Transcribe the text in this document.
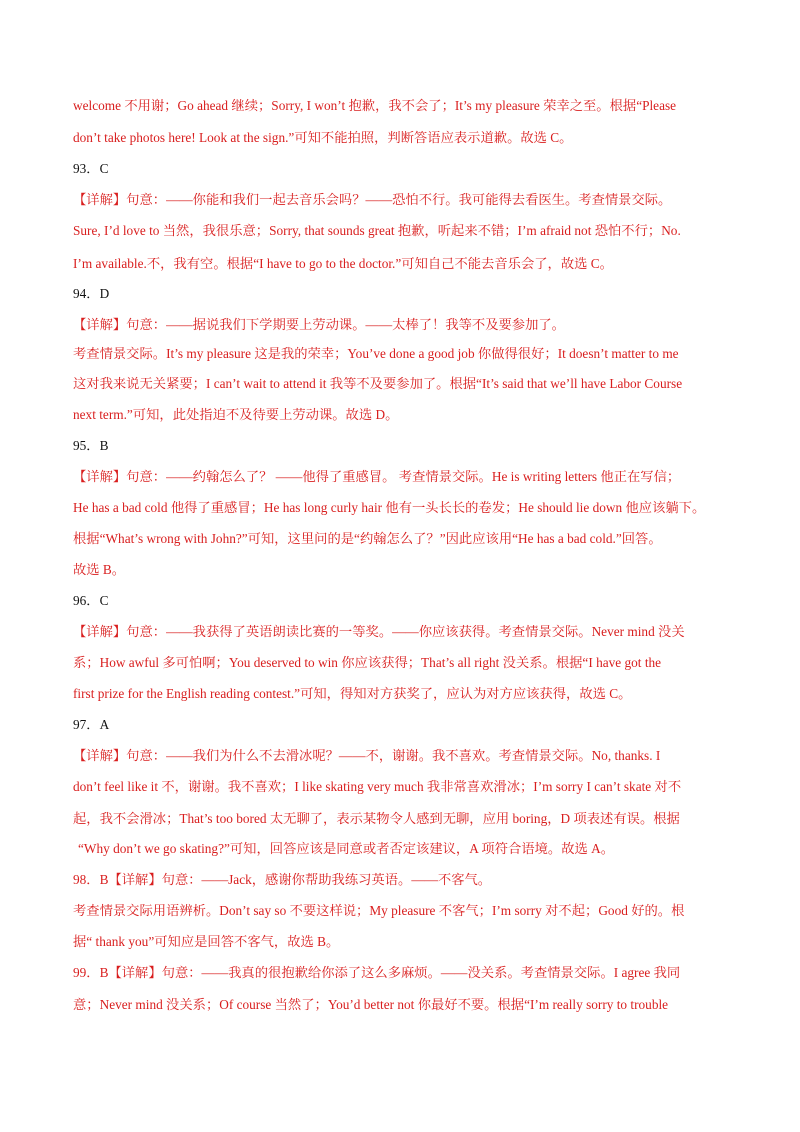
welcome 不用谢；Go ahead 继续；Sorry, I won’t 抱歉，我不会了；It’s my pleasure 荣幸之至。根据“Please
don’t take photos here! Look at the sign.”可知不能拍照，判断答语应表示道歉。故选 C。
93．C
【详解】句意：——你能和我们一起去音乐会吗？——恐怕不行。我可能得去看医生。考查情景交际。
Sure, I’d love to 当然，我很乐意；Sorry, that sounds great 抱歉，听起来不错；I’m afraid not 恐怕不行；No.
I’m available.不，我有空。根据“I have to go to the doctor.”可知自己不能去音乐会了，故选 C。
94．D
【详解】句意：——据说我们下学期要上劳动课。——太棒了！我等不及要参加了。
考查情景交际。It’s my pleasure 这是我的荣幸；You’ve done a good job 你做得很好；It doesn’t matter to me
这对我来说无关紧要；I can’t wait to attend it 我等不及要参加了。根据“It’s said that we’ll have Labor Course
next term.”可知，此处指迫不及待要上劳动课。故选 D。
95．B
【详解】句意：——约翰怎么了？ ——他得了重感冒。 考查情景交际。He is writing letters 他正在写信；
He has a bad cold 他得了重感冒；He has long curly hair 他有一头长长的卷发；He should lie down 他应该躺下。
根据“What’s wrong with John?”可知，这里问的是“约翰怎么了？”因此应该用“He has a bad cold.”回答。
故选 B。
96．C
【详解】句意：——我获得了英语朗读比赛的一等奖。——你应该获得。考查情景交际。Never mind 没关
系；How awful 多可怕啊；You deserved to win 你应该获得；That’s all right 没关系。根据“I have got the
first prize for the English reading contest.”可知，得知对方获奖了，应认为对方应该获得，故选 C。
97．A
【详解】句意：——我们为什么不去滑冰呢？——不，谢谢。我不喜欢。考查情景交际。No, thanks. I
don’t feel like it 不，谢谢。我不喜欢；I like skating very much 我非常喜欢滑冰；I’m sorry I can’t skate 对不
起，我不会滑冰；That’s too bored 太无聊了，表示某物令人感到无聊，应用 boring，D 项表述有误。根据
“Why don’t we go skating?”可知，回答应该是同意或者否定该建议，A 项符合语境。故选 A。
98．B【详解】句意：——Jack，感谢你帮助我练习英语。——不客气。
考查情景交际用语辨析。Don’t say so 不要这样说；My pleasure 不客气；I’m sorry 对不起；Good 好的。根
据“ thank you”可知应是回答不客气，故选 B。
99．B【详解】句意：——我真的很抱歉给你添了这么多麻烦。——没关系。考查情景交际。I agree 我同
意；Never mind 没关系；Of course 当然了；You’d better not 你最好不要。根据“I’m really sorry to trouble
